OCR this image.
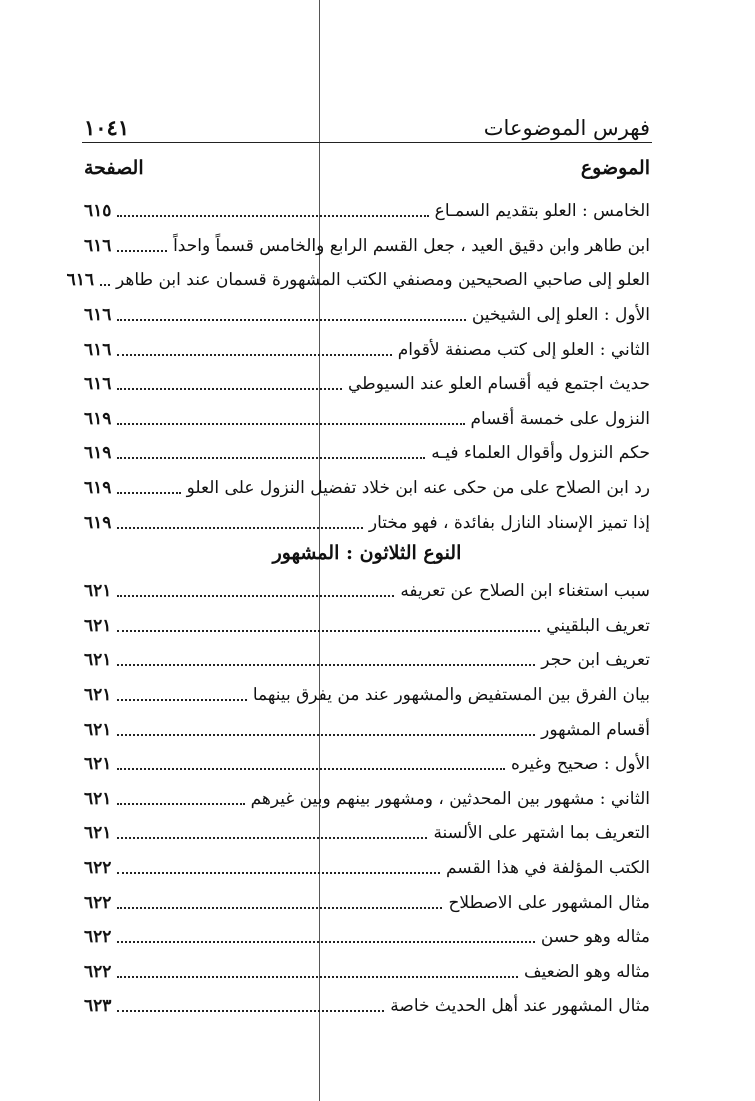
١٠٤١	فهرس الموضوعات
الصفحة	الموضوع
الخامس : العلو بتقديم السمـاع
٦١٥
ابن طاهر وابن دقيق العيد ، جعل القسم الرابع والخامس قسماً واحداً
٦١٦
العلو إلى صاحبي الصحيحين ومصنفي الكتب المشهورة قسمان عند ابن طاهر
٦١٦
الأول : العلو إلى الشيخين
٦١٦
الثاني : العلو إلى كتب مصنفة لأقوام
٦١٦
حديث اجتمع فيه أقسام العلو عند السيوطي
٦١٦
النزول على خمسة أقسام
٦١٩
حكم النزول وأقوال العلماء فيـه
٦١٩
رد ابن الصلاح على من حكى عنه ابن خلاد تفضيل النزول على العلو
٦١٩
إذا تميز الإسناد النازل بفائدة ، فهو مختار
٦١٩
النوع الثلاثون : المشهور
سبب استغناء ابن الصلاح عن تعريفه
٦٢١
تعريف البلقيني
٦٢١
تعريف ابن حجر
٦٢١
بيان الفرق بين المستفيض والمشهور عند من يفرق بينهما
٦٢١
أقسام المشهور
٦٢١
الأول : صحيح وغيره
٦٢١
الثاني : مشهور بين المحدثين ، ومشهور بينهم وبين غيرهم
٦٢١
التعريف بما اشتهر على الألسنة
٦٢١
الكتب المؤلفة في هذا القسم
٦٢٢
مثال المشهور على الاصطلاح
٦٢٢
مثاله وهو حسن
٦٢٢
مثاله وهو الضعيف
٦٢٢
مثال المشهور عند أهل الحديث خاصة
٦٢٣
